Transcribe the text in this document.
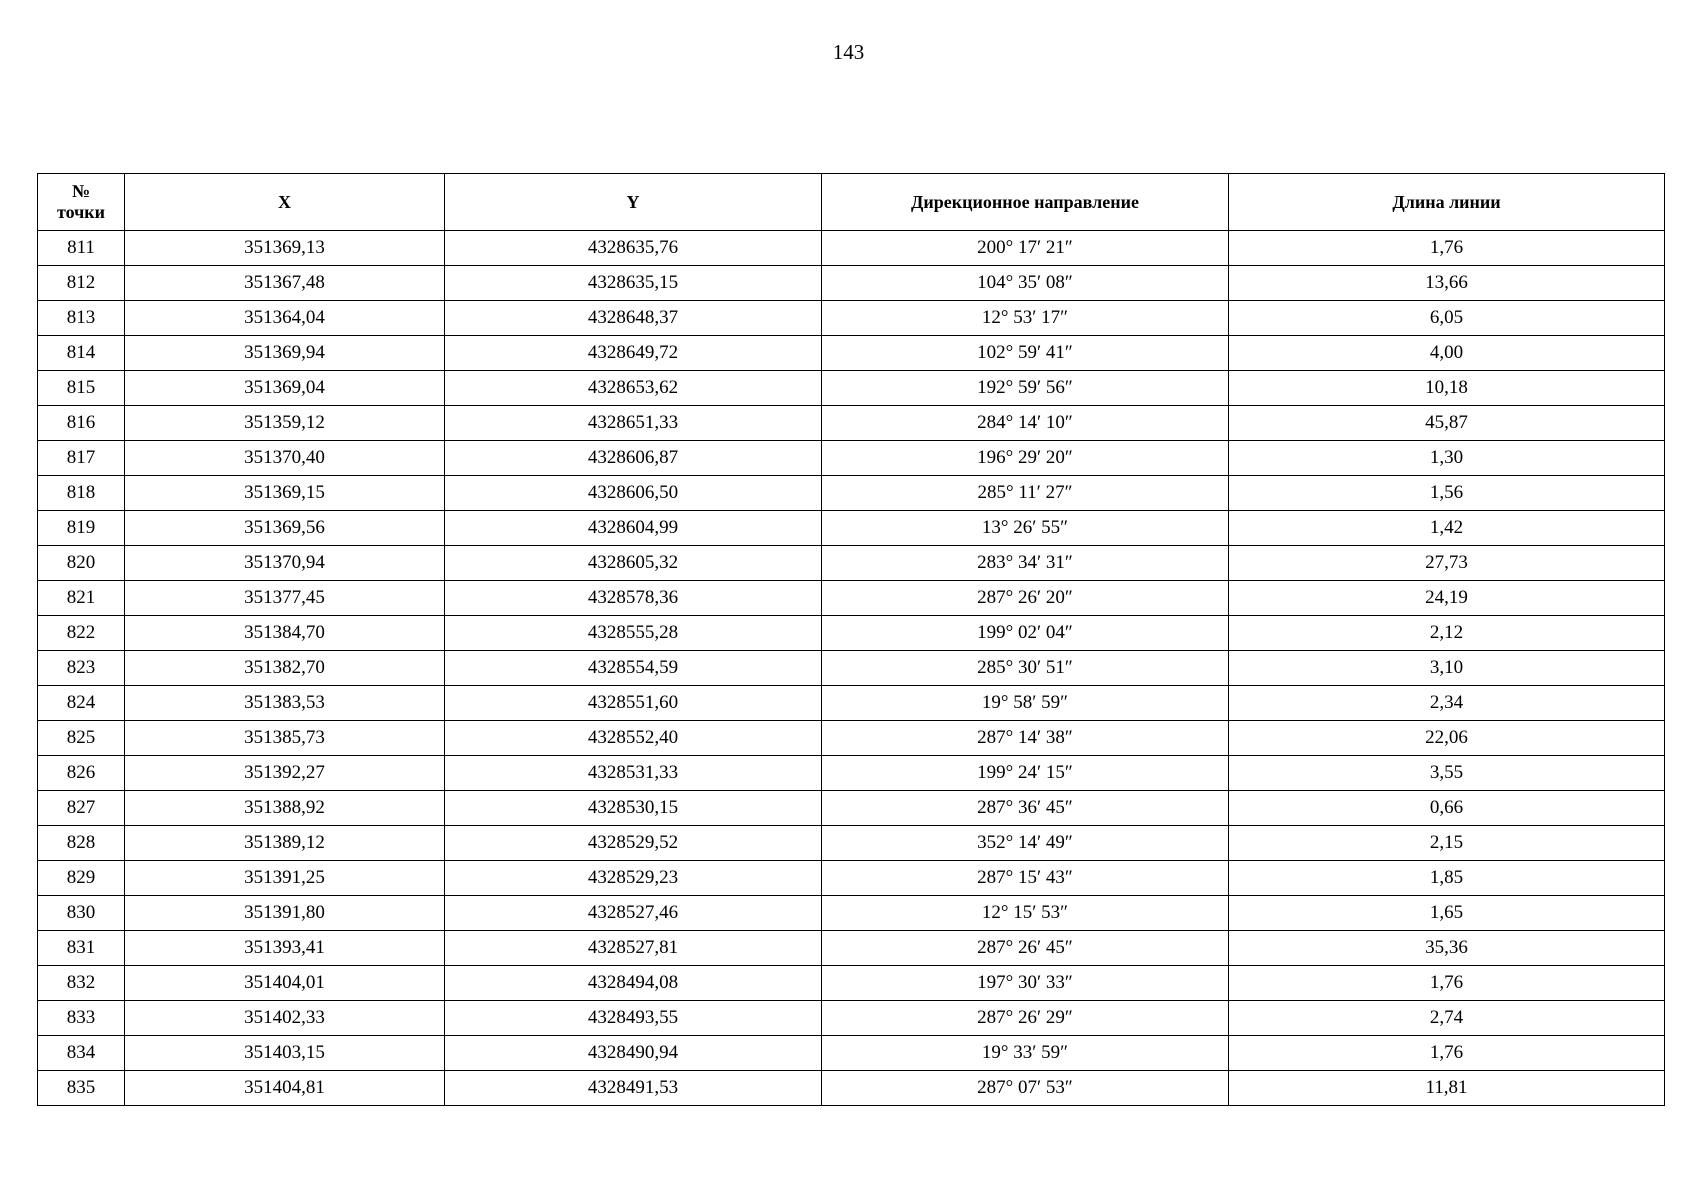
143
№
точки	X	Y	Дирекционное направление	Длина линии
811	351369,13	4328635,76	200° 17′ 21″	1,76
812	351367,48	4328635,15	104° 35′ 08″	13,66
813	351364,04	4328648,37	12° 53′ 17″	6,05
814	351369,94	4328649,72	102° 59′ 41″	4,00
815	351369,04	4328653,62	192° 59′ 56″	10,18
816	351359,12	4328651,33	284° 14′ 10″	45,87
817	351370,40	4328606,87	196° 29′ 20″	1,30
818	351369,15	4328606,50	285° 11′ 27″	1,56
819	351369,56	4328604,99	13° 26′ 55″	1,42
820	351370,94	4328605,32	283° 34′ 31″	27,73
821	351377,45	4328578,36	287° 26′ 20″	24,19
822	351384,70	4328555,28	199° 02′ 04″	2,12
823	351382,70	4328554,59	285° 30′ 51″	3,10
824	351383,53	4328551,60	19° 58′ 59″	2,34
825	351385,73	4328552,40	287° 14′ 38″	22,06
826	351392,27	4328531,33	199° 24′ 15″	3,55
827	351388,92	4328530,15	287° 36′ 45″	0,66
828	351389,12	4328529,52	352° 14′ 49″	2,15
829	351391,25	4328529,23	287° 15′ 43″	1,85
830	351391,80	4328527,46	12° 15′ 53″	1,65
831	351393,41	4328527,81	287° 26′ 45″	35,36
832	351404,01	4328494,08	197° 30′ 33″	1,76
833	351402,33	4328493,55	287° 26′ 29″	2,74
834	351403,15	4328490,94	19° 33′ 59″	1,76
835	351404,81	4328491,53	287° 07′ 53″	11,81
